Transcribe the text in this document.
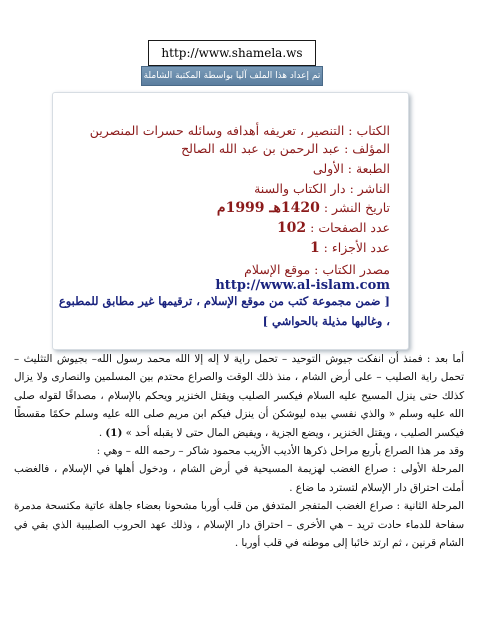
http://www.shamela.ws
تم إعداد هذا الملف آليا بواسطة المكتبة الشاملة
الكتاب : التنصير ، تعريفه أهدافه وسائله حسرات المنصرين
المؤلف : عبد الرحمن بن عبد الله الصالح
الطبعة : الأولى
الناشر : دار الكتاب والسنة
تاريخ النشر : 1420هـ 1999م
عدد الصفحات : 102
عدد الأجزاء : 1
مصدر الكتاب : موقع الإسلام
http://www.al-islam.com
[ ضمن مجموعة كتب من موقع الإسلام ، ترقيمها غير مطابق للمطبوع
، وغالبها مذيلة بالحواشي ]

أما بعد : فمنذ أن انفكت جيوش التوحيد – تحمل راية لا إله إلا الله محمد رسول الله– بجيوش التثليث – تحمل راية الصليب – على أرض الشام ، منذ ذلك الوقت والصراع محتدم بين المسلمين والنصارى ولا يزال كذلك حتى ينزل المسيح عليه السلام فيكسر الصليب ويقتل الخنزير ويحكم بالإسلام ، مصداقًا لقوله صلى الله عليه وسلم « والذي نفسي بيده ليوشكن أن ينزل فيكم ابن مريم صلى الله عليه وسلم حكمًا مقسطًا فيكسر الصليب ، ويقتل الخنزير ، ويضع الجزية ، ويفيض المال حتى لا يقبله أحد » (1) .

وقد مر هذا الصراع بأربع مراحل ذكرها الأديب الأريب محمود شاكر – رحمه الله – وهي :

المرحلة الأولى : صراع الغضب لهزيمة المسيحية في أرض الشام ، ودخول أهلها في الإسلام ، فالغضب أملت احتراق دار الإسلام لتسترد ما ضاع .

المرحلة الثانية : صراع الغضب المتفجر المتدفق من قلب أوربا مشحونا بعضاء جاهلة عاتية مكتسحة مدمرة سفاحة للدماء حادت تريد – هي الأخرى – احتراق دار الإسلام ، وذلك عهد الحروب الصليبية الذي بقي في الشام قرنين ، ثم ارتد خائبا إلى موطنه في قلب أوربا .
